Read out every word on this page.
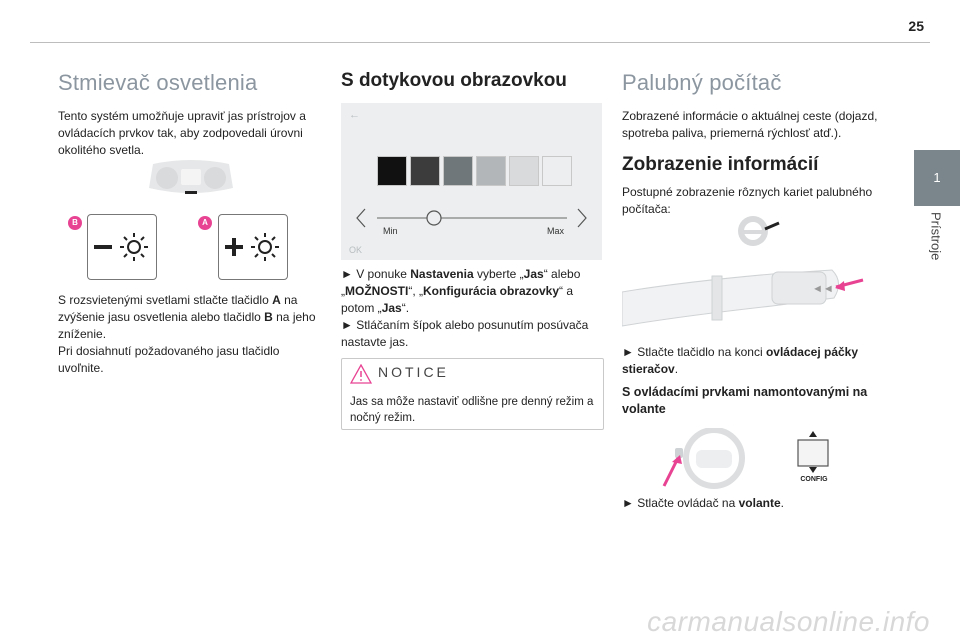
25
Stmievač osvetlenia

Tento systém umožňuje upraviť jas prístrojov a ovládacích prvkov tak, aby zodpovedali úrovni okolitého svetla.

B	A

S rozsvietenými svetlami stlačte tlačidlo A na zvýšenie jasu osvetlenia alebo tlačidlo B na jeho zníženie.
Pri dosiahnutí požadovaného jasu tlačidlo uvoľnite.

S dotykovou obrazovkou
←
Min	Max
OK

► V ponuke Nastavenia vyberte „Jas“ alebo „MOŽNOSTI“, „Konfigurácia obrazovky“ a potom „Jas“.
► Stláčaním šípok alebo posunutím posúvača nastavte jas.

NOTICE
Jas sa môže nastaviť odlišne pre denný režim a nočný režim.
Palubný počítač

Zobrazené informácie o aktuálnej ceste (dojazd, spotreba paliva, priemerná rýchlosť atď.).

Zobrazenie informácií

Postupné zobrazenie rôznych kariet palubného počítača:

◄◄

► Stlačte tlačidlo na konci ovládacej páčky stieračov.

S ovládacími prvkami namontovanými na volante
CONFIG

► Stlačte ovládač na volante.

1
Prístroje
carmanualsonline.info
